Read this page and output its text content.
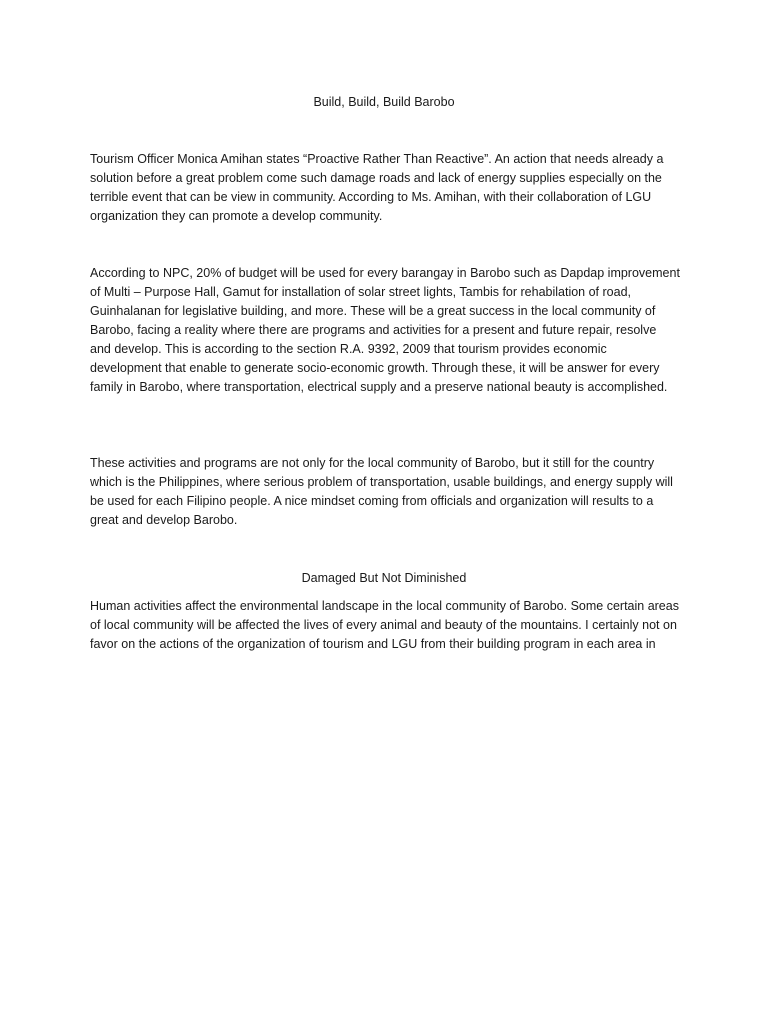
Build, Build, Build Barobo

Tourism Officer Monica Amihan states “Proactive Rather Than Reactive”. An action that needs already a solution before a great problem come such damage roads and lack of energy supplies especially on the terrible event that can be view in community. According to Ms. Amihan, with their collaboration of LGU organization they can promote a develop community.

According to NPC, 20% of budget will be used for every barangay in Barobo such as Dapdap improvement of Multi – Purpose Hall, Gamut for installation of solar street lights, Tambis for rehabilation of road, Guinhalanan for legislative building, and more. These will be a great success in the local community of Barobo, facing a reality where there are programs and activities for a present and future repair, resolve and develop. This is according to the section R.A. 9392, 2009 that tourism provides economic development that enable to generate socio-economic growth. Through these, it will be answer for every family in Barobo, where transportation, electrical supply and a preserve national beauty is accomplished.

These activities and programs are not only for the local community of Barobo, but it still for the country which is the Philippines, where serious problem of transportation, usable buildings, and energy supply will be used for each Filipino people. A nice mindset coming from officials and organization will results to a great and develop Barobo.

Damaged But Not Diminished

Human activities affect the environmental landscape in the local community of Barobo. Some certain areas of local community will be affected the lives of every animal and beauty of the mountains. I certainly not on favor on the actions of the organization of tourism and LGU from their building program in each area in
